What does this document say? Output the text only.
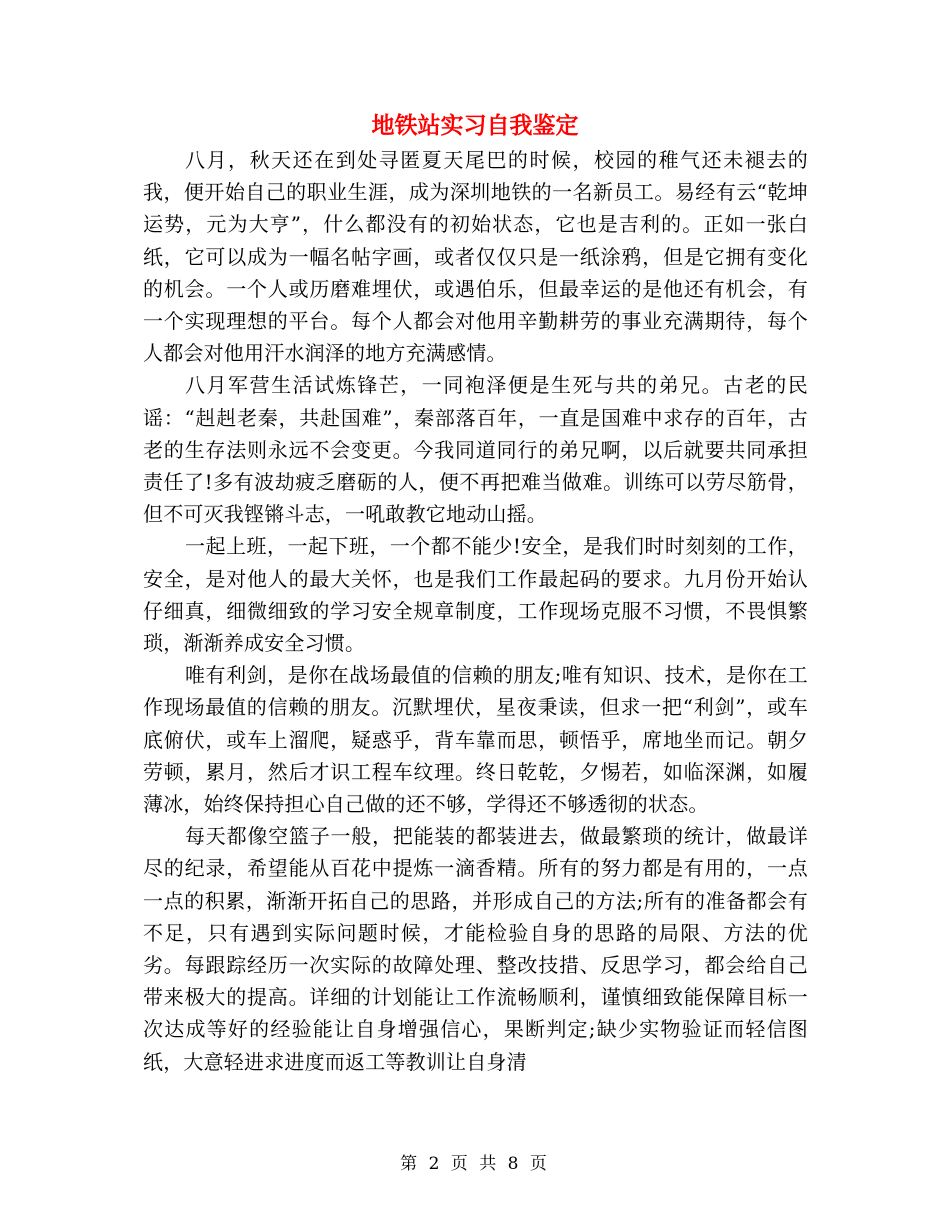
地铁站实习自我鉴定

八月，秋天还在到处寻匿夏天尾巴的时候，校园的稚气还未褪去的我，便开始自己的职业生涯，成为深圳地铁的一名新员工。易经有云“乾坤运势，元为大亨”，什么都没有的初始状态，它也是吉利的。正如一张白纸，它可以成为一幅名帖字画，或者仅仅只是一纸涂鸦，但是它拥有变化的机会。一个人或历磨难埋伏，或遇伯乐，但最幸运的是他还有机会，有一个实现理想的平台。每个人都会对他用辛勤耕劳的事业充满期待，每个人都会对他用汗水润泽的地方充满感情。

八月军营生活试炼锋芒，一同袍泽便是生死与共的弟兄。古老的民谣：“赳赳老秦，共赴国难”，秦部落百年，一直是国难中求存的百年，古老的生存法则永远不会变更。今我同道同行的弟兄啊，以后就要共同承担责任了!多有波劫疲乏磨砺的人，便不再把难当做难。训练可以劳尽筋骨，但不可灭我铿锵斗志，一吼敢教它地动山摇。

一起上班，一起下班，一个都不能少!安全，是我们时时刻刻的工作，安全，是对他人的最大关怀，也是我们工作最起码的要求。九月份开始认仔细真，细微细致的学习安全规章制度，工作现场克服不习惯，不畏惧繁琐，渐渐养成安全习惯。

唯有利剑，是你在战场最值的信赖的朋友;唯有知识、技术，是你在工作现场最值的信赖的朋友。沉默埋伏，星夜秉读，但求一把“利剑”，或车底俯伏，或车上溜爬，疑惑乎，背车靠而思，顿悟乎，席地坐而记。朝夕劳顿，累月，然后才识工程车纹理。终日乾乾，夕惕若，如临深渊，如履薄冰，始终保持担心自己做的还不够，学得还不够透彻的状态。

每天都像空篮子一般，把能装的都装进去，做最繁琐的统计，做最详尽的纪录，希望能从百花中提炼一滴香精。所有的努力都是有用的，一点一点的积累，渐渐开拓自己的思路，并形成自己的方法;所有的准备都会有不足，只有遇到实际问题时候，才能检验自身的思路的局限、方法的优劣。每跟踪经历一次实际的故障处理、整改技措、反思学习，都会给自己带来极大的提高。详细的计划能让工作流畅顺利，谨慎细致能保障目标一次达成等好的经验能让自身增强信心，果断判定;缺少实物验证而轻信图纸，大意轻进求进度而返工等教训让自身清

第 2 页 共 8 页
